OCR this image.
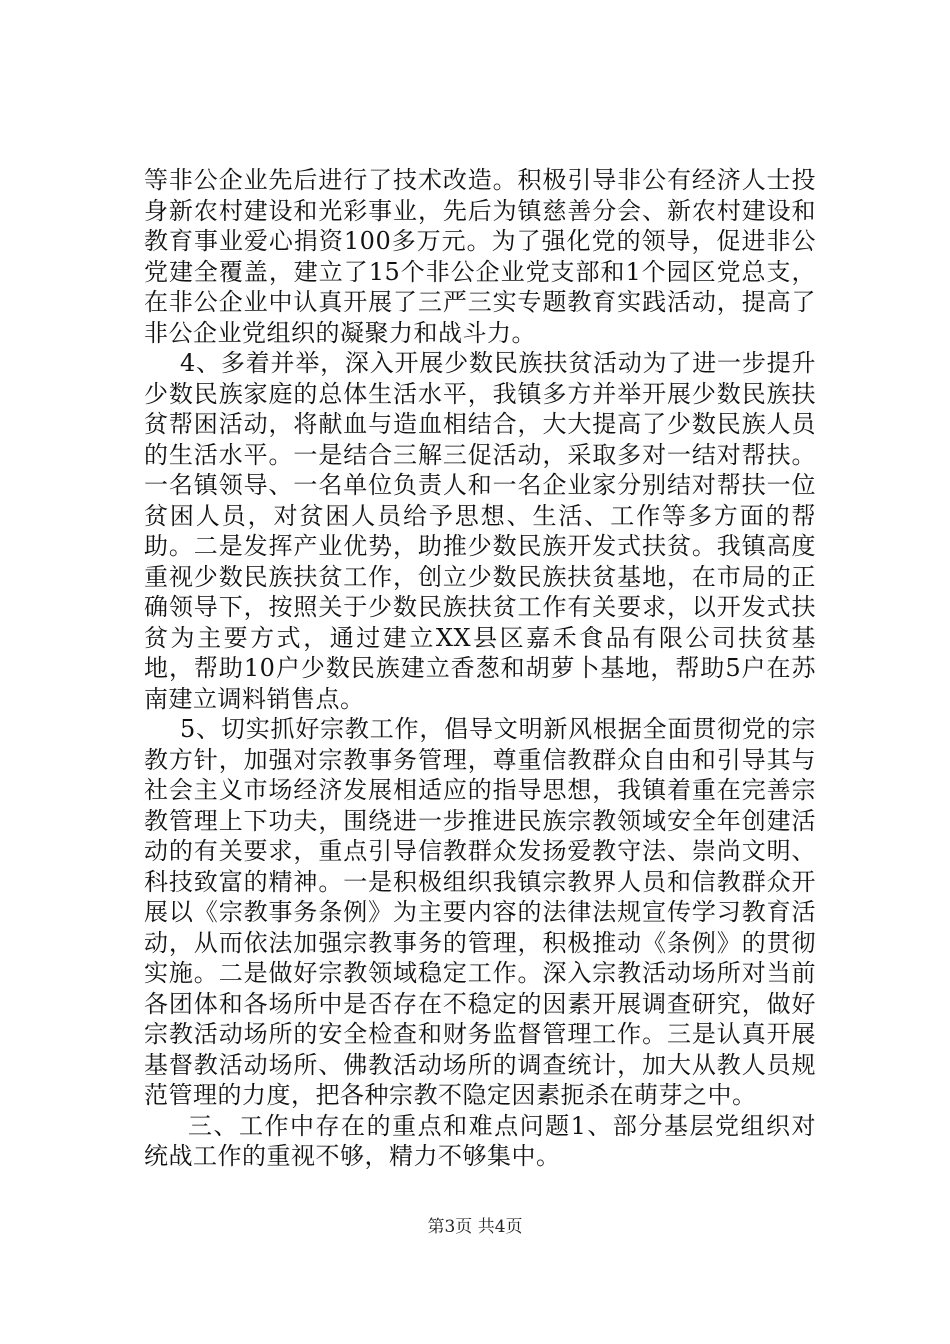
等非公企业先后进行了技术改造。积极引导非公有经济人士投身新农村建设和光彩事业，先后为镇慈善分会、新农村建设和教育事业爱心捐资100多万元。为了强化党的领导，促进非公党建全覆盖，建立了15个非公企业党支部和1个园区党总支，在非公企业中认真开展了三严三实专题教育实践活动，提高了非公企业党组织的凝聚力和战斗力。

4、多着并举，深入开展少数民族扶贫活动为了进一步提升少数民族家庭的总体生活水平，我镇多方并举开展少数民族扶贫帮困活动，将献血与造血相结合，大大提高了少数民族人员的生活水平。一是结合三解三促活动，采取多对一结对帮扶。一名镇领导、一名单位负责人和一名企业家分别结对帮扶一位贫困人员，对贫困人员给予思想、生活、工作等多方面的帮助。二是发挥产业优势，助推少数民族开发式扶贫。我镇高度重视少数民族扶贫工作，创立少数民族扶贫基地，在市局的正确领导下，按照关于少数民族扶贫工作有关要求，以开发式扶贫为主要方式，通过建立XX县区嘉禾食品有限公司扶贫基地，帮助10户少数民族建立香葱和胡萝卜基地，帮助5户在苏南建立调料销售点。

5、切实抓好宗教工作，倡导文明新风根据全面贯彻党的宗教方针，加强对宗教事务管理，尊重信教群众自由和引导其与社会主义市场经济发展相适应的指导思想，我镇着重在完善宗教管理上下功夫，围绕进一步推进民族宗教领域安全年创建活动的有关要求，重点引导信教群众发扬爱教守法、崇尚文明、科技致富的精神。一是积极组织我镇宗教界人员和信教群众开展以《宗教事务条例》为主要内容的法律法规宣传学习教育活动，从而依法加强宗教事务的管理，积极推动《条例》的贯彻实施。二是做好宗教领域稳定工作。深入宗教活动场所对当前各团体和各场所中是否存在不稳定的因素开展调查研究，做好宗教活动场所的安全检查和财务监督管理工作。三是认真开展基督教活动场所、佛教活动场所的调查统计，加大从教人员规范管理的力度，把各种宗教不隐定因素扼杀在萌芽之中。

三、工作中存在的重点和难点问题1、部分基层党组织对统战工作的重视不够，精力不够集中。

第3页 共4页
